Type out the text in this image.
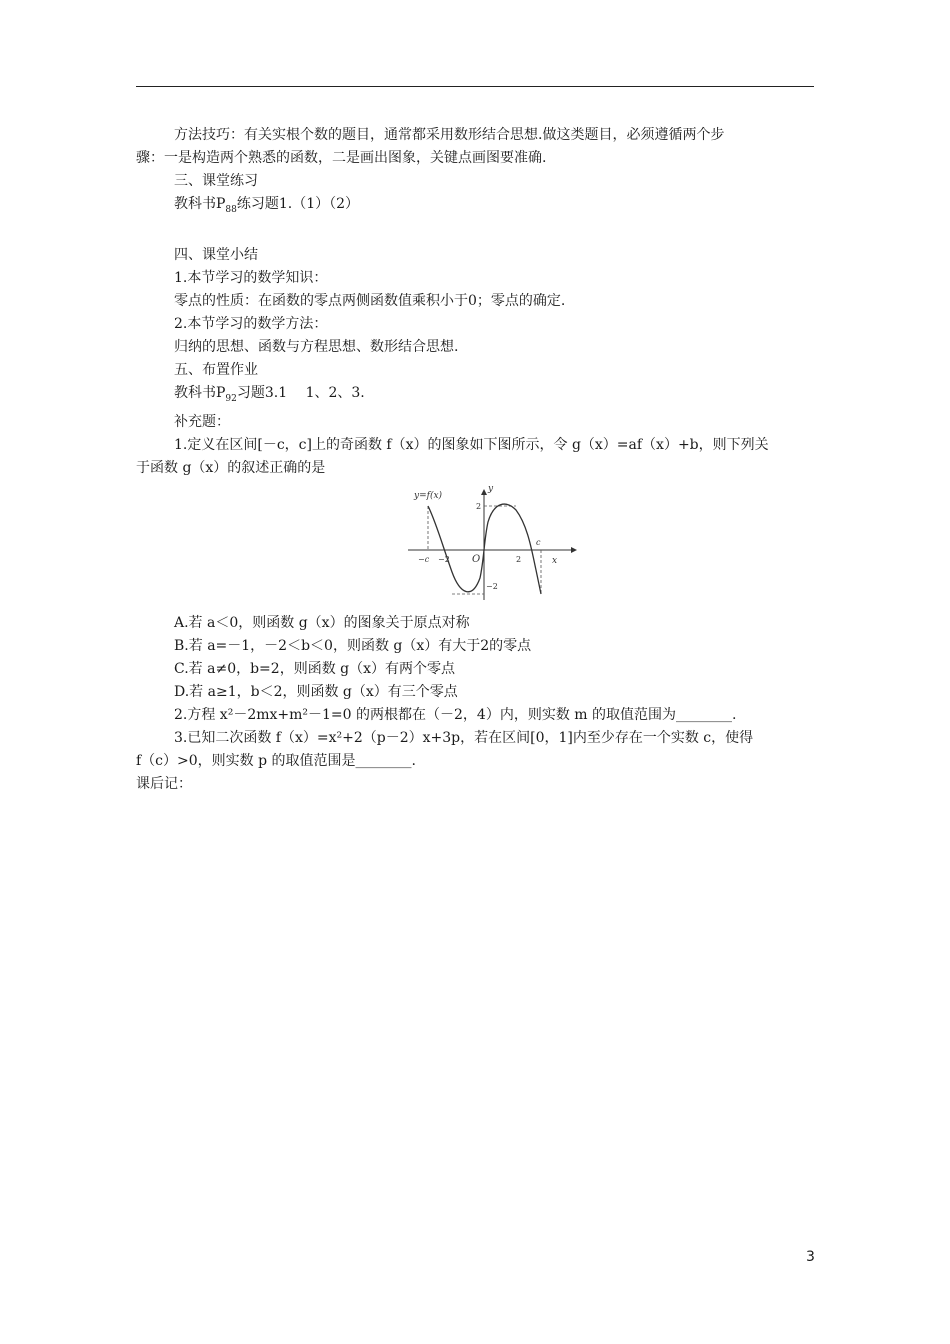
方法技巧：有关实根个数的题目，通常都采用数形结合思想.做这类题目，必须遵循两个步

骤：一是构造两个熟悉的函数，二是画出图象，关键点画图要准确.

三、课堂练习

教科书$P_{88}$练习题1.（1）（2）

四、课堂小结

1.本节学习的数学知识：

零点的性质：在函数的零点两侧函数值乘积小于0；零点的确定.

2.本节学习的数学方法：

归纳的思想、函数与方程思想、数形结合思想.

五、布置作业

教科书$P_{92}$习题3.1　 1、2、3.

补充题：

1.定义在区间[－c，c]上的奇函数 f（x）的图象如下图所示，令 g（x）=af（x）+b，则下列关

于函数 g（x）的叙述正确的是

y=f(x)
y
x
O
−c −2	2
c
2
−2

A.若 a＜0，则函数 g（x）的图象关于原点对称

B.若 a=－1，－2＜b＜0，则函数 g（x）有大于2的零点

C.若 a≠0，b=2，则函数 g（x）有两个零点

D.若 a≥1，b＜2，则函数 g（x）有三个零点

2.方程 x²－2mx+m²－1=0 的两根都在（－2，4）内，则实数 m 的取值范围为________.

3.已知二次函数 f（x）=x²+2（p－2）x+3p，若在区间[0，1]内至少存在一个实数 c，使得

f（c）>0，则实数 p 的取值范围是________.

课后记：

3
